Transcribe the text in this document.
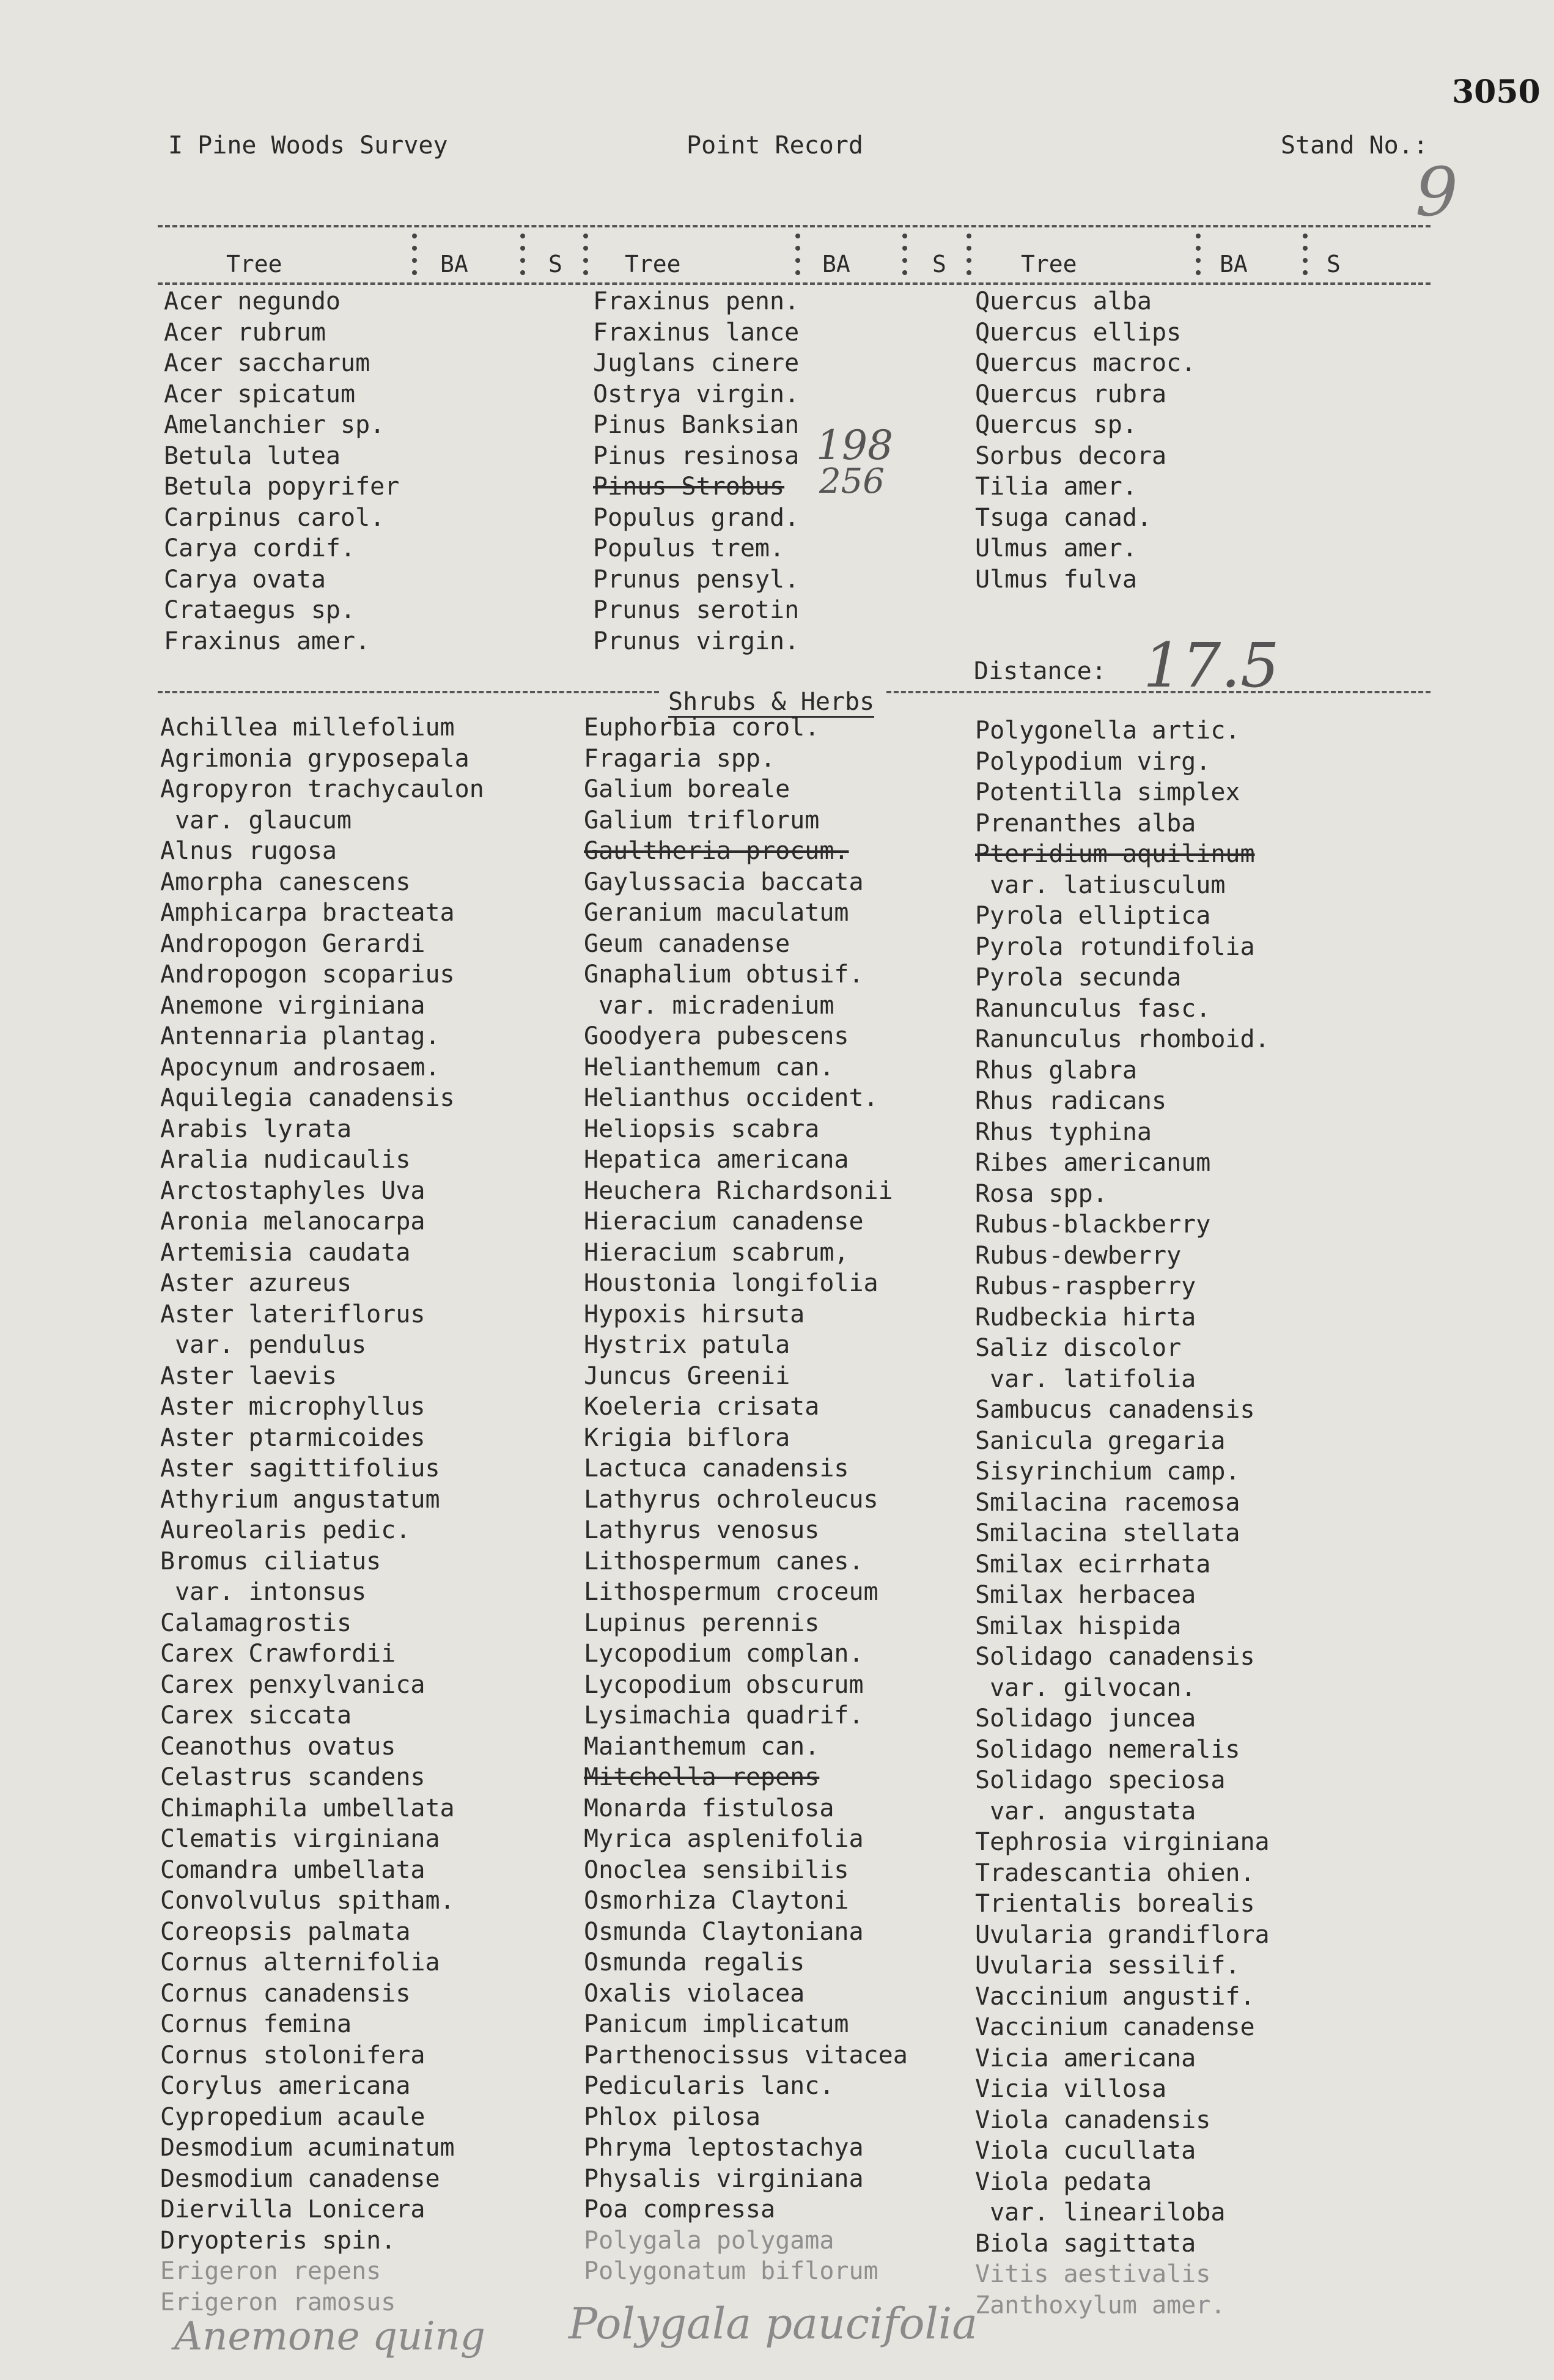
I Pine Woods Survey	Point Record	Stand No.:
3050
9
Tree	BA	S	Tree	BA	S	Tree	BA	S
Acer negundo
Acer rubrum
Acer saccharum
Acer spicatum
Amelanchier sp.
Betula lutea
Betula popyrifer
Carpinus carol.
Carya cordif.
Carya ovata
Crataegus sp.
Fraxinus amer.
Fraxinus penn.
Fraxinus lance
Juglans cinere
Ostrya virgin.
Pinus Banksian
Pinus resinosa
Pinus Strobus
Populus grand.
Populus trem.
Prunus pensyl.
Prunus serotin
Prunus virgin.
Quercus alba
Quercus ellips
Quercus macroc.
Quercus rubra
Quercus sp.
Sorbus decora
Tilia amer.
Tsuga canad.
Ulmus amer.
Ulmus fulva
198
256
Distance: 17.5
Shrubs & Herbs
Achillea millefolium
Agrimonia gryposepala
Agropyron trachycaulon
var. glaucum
Alnus rugosa
Amorpha canescens
Amphicarpa bracteata
Andropogon Gerardi
Andropogon scoparius
Anemone virginiana
Antennaria plantag.
Apocynum androsaem.
Aquilegia canadensis
Arabis lyrata
Aralia nudicaulis
Arctostaphyles Uva
Aronia melanocarpa
Artemisia caudata
Aster azureus
Aster lateriflorus
var. pendulus
Aster laevis
Aster microphyllus
Aster ptarmicoides
Aster sagittifolius
Athyrium angustatum
Aureolaris pedic.
Bromus ciliatus
var. intonsus
Calamagrostis
Carex Crawfordii
Carex penxylvanica
Carex siccata
Ceanothus ovatus
Celastrus scandens
Chimaphila umbellata
Clematis virginiana
Comandra umbellata
Convolvulus spitham.
Coreopsis palmata
Cornus alternifolia
Cornus canadensis
Cornus femina
Cornus stolonifera
Corylus americana
Cypropedium acaule
Desmodium acuminatum
Desmodium canadense
Diervilla Lonicera
Dryopteris spin.
Erigeron repens
Erigeron ramosus
Euphorbia corol.
Fragaria spp.
Galium boreale
Galium triflorum
Gaultheria procum.
Gaylussacia baccata
Geranium maculatum
Geum canadense
Gnaphalium obtusif.
var. micradenium
Goodyera pubescens
Helianthemum can.
Helianthus occident.
Heliopsis scabra
Hepatica americana
Heuchera Richardsonii
Hieracium canadense
Hieracium scabrum,
Houstonia longifolia
Hypoxis hirsuta
Hystrix patula
Juncus Greenii
Koeleria crisata
Krigia biflora
Lactuca canadensis
Lathyrus ochroleucus
Lathyrus venosus
Lithospermum canes.
Lithospermum croceum
Lupinus perennis
Lycopodium complan.
Lycopodium obscurum
Lysimachia quadrif.
Maianthemum can.
Mitchella repens
Monarda fistulosa
Myrica asplenifolia
Onoclea sensibilis
Osmorhiza Claytoni
Osmunda Claytoniana
Osmunda regalis
Oxalis violacea
Panicum implicatum
Parthenocissus vitacea
Pedicularis lanc.
Phlox pilosa
Phryma leptostachya
Physalis virginiana
Poa compressa
Polygala polygama
Polygonatum biflorum
Polygonella artic.
Polypodium virg.
Potentilla simplex
Prenanthes alba
Pteridium aquilinum
var. latiusculum
Pyrola elliptica
Pyrola rotundifolia
Pyrola secunda
Ranunculus fasc.
Ranunculus rhomboid.
Rhus glabra
Rhus radicans
Rhus typhina
Ribes americanum
Rosa spp.
Rubus-blackberry
Rubus-dewberry
Rubus-raspberry
Rudbeckia hirta
Saliz discolor
var. latifolia
Sambucus canadensis
Sanicula gregaria
Sisyrinchium camp.
Smilacina racemosa
Smilacina stellata
Smilax ecirrhata
Smilax herbacea
Smilax hispida
Solidago canadensis
var. gilvocan.
Solidago juncea
Solidago nemeralis
Solidago speciosa
var. angustata
Tephrosia virginiana
Tradescantia ohien.
Trientalis borealis
Uvularia grandiflora
Uvularia sessilif.
Vaccinium angustif.
Vaccinium canadense
Vicia americana
Vicia villosa
Viola canadensis
Viola cucullata
Viola pedata
var. lineariloba
Biola sagittata
Vitis aestivalis
Zanthoxylum amer.
Anemone quing Polygala paucifolia
